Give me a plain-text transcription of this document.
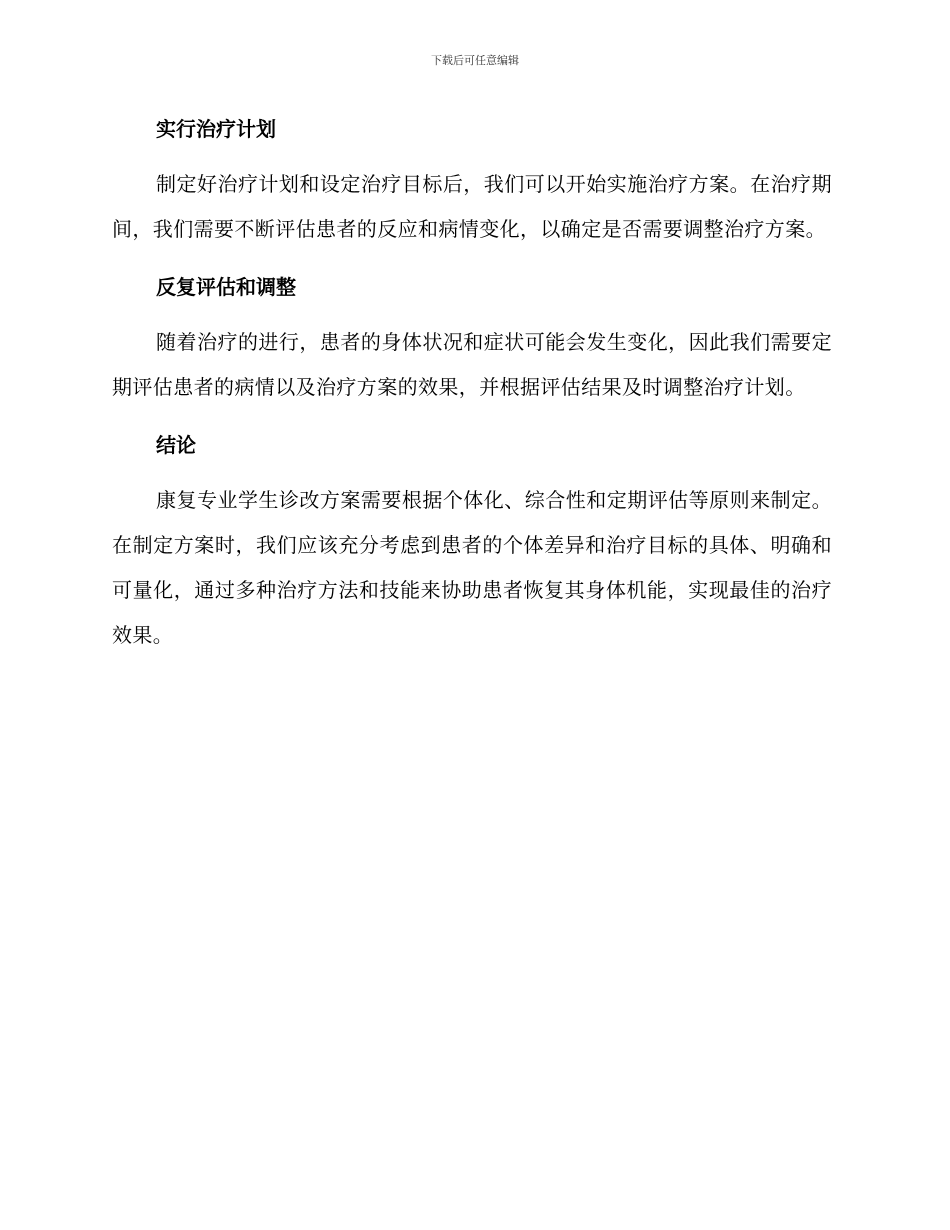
下载后可任意编辑
实行治疗计划

制定好治疗计划和设定治疗目标后，我们可以开始实施治疗方案。在治疗期间，我们需要不断评估患者的反应和病情变化，以确定是否需要调整治疗方案。

反复评估和调整

随着治疗的进行，患者的身体状况和症状可能会发生变化，因此我们需要定期评估患者的病情以及治疗方案的效果，并根据评估结果及时调整治疗计划。

结论

康复专业学生诊改方案需要根据个体化、综合性和定期评估等原则来制定。在制定方案时，我们应该充分考虑到患者的个体差异和治疗目标的具体、明确和可量化，通过多种治疗方法和技能来协助患者恢复其身体机能，实现最佳的治疗效果。
